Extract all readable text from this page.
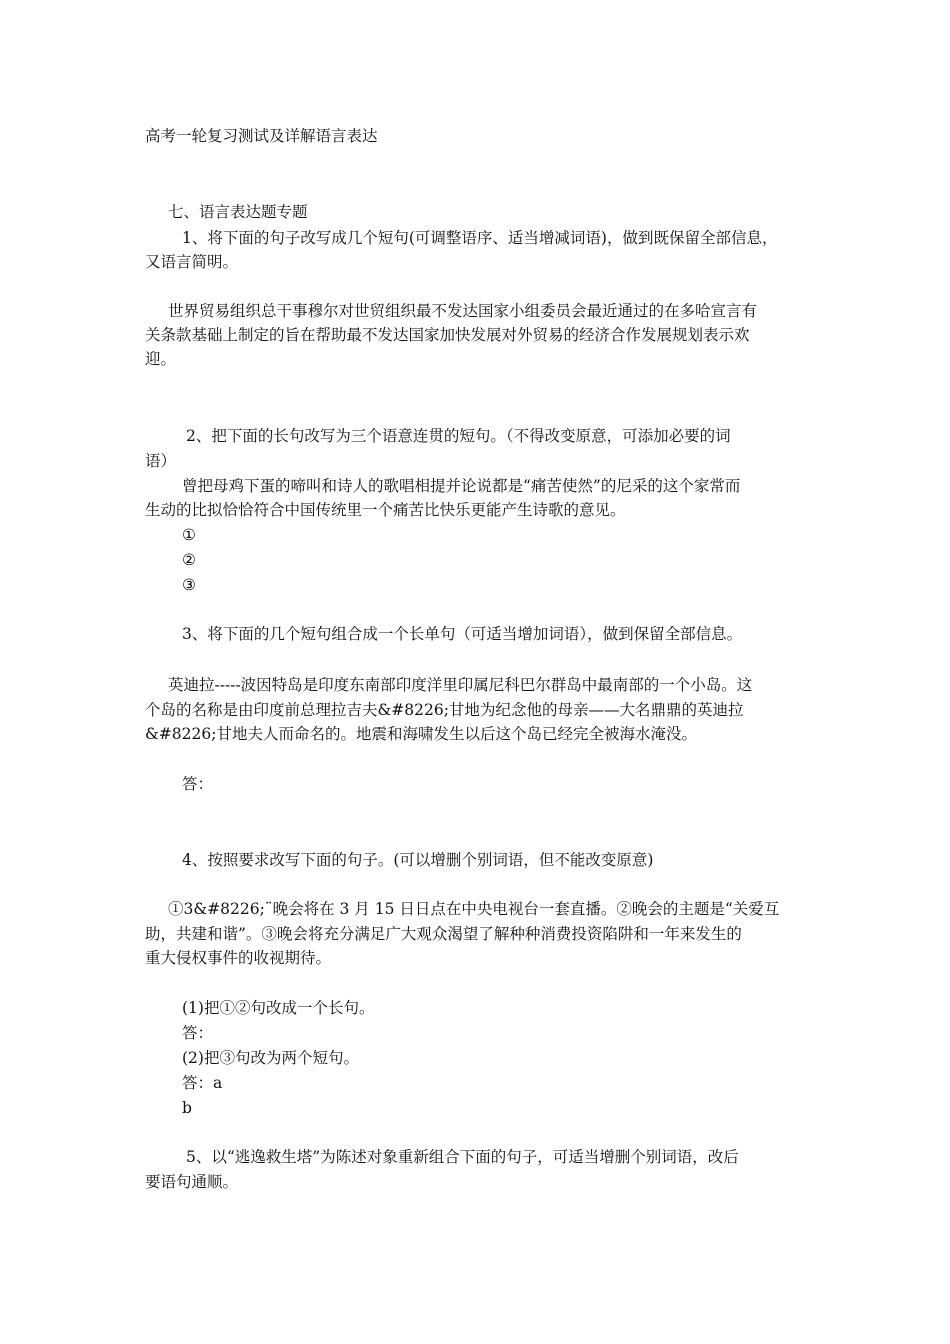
高考一轮复习测试及详解语言表达
七、语言表达题专题
1、将下面的句子改写成几个短句(可调整语序、适当增减词语)，做到既保留全部信息，
又语言简明。
世界贸易组织总干事穆尔对世贸组织最不发达国家小组委员会最近通过的在多哈宣言有
关条款基础上制定的旨在帮助最不发达国家加快发展对外贸易的经济合作发展规划表示欢
迎。
2、把下面的长句改写为三个语意连贯的短句。（不得改变原意，可添加必要的词
语）
曾把母鸡下蛋的啼叫和诗人的歌唱相提并论说都是“痛苦使然”的尼采的这个家常而
生动的比拟恰恰符合中国传统里一个痛苦比快乐更能产生诗歌的意见。
①
②
③
3、将下面的几个短句组合成一个长单句（可适当增加词语），做到保留全部信息。
英迪拉-----波因特岛是印度东南部印度洋里印属尼科巴尔群岛中最南部的一个小岛。这
个岛的名称是由印度前总理拉吉夫&#8226;甘地为纪念他的母亲——大名鼎鼎的英迪拉
&#8226;甘地夫人而命名的。地震和海啸发生以后这个岛已经完全被海水淹没。
答：
4、按照要求改写下面的句子。(可以增删个别词语，但不能改变原意)
①3&#8226;¨晚会将在 3 月 15 日日点在中央电视台一套直播。②晚会的主题是“关爱互
助，共建和谐”。③晚会将充分满足广大观众渴望了解种种消费投资陷阱和一年来发生的
重大侵权事件的收视期待。
(1)把①②句改成一个长句。
答：
(2)把③句改为两个短句。
答：a
b
5、以“逃逸救生塔”为陈述对象重新组合下面的句子，可适当增删个别词语，改后
要语句通顺。
